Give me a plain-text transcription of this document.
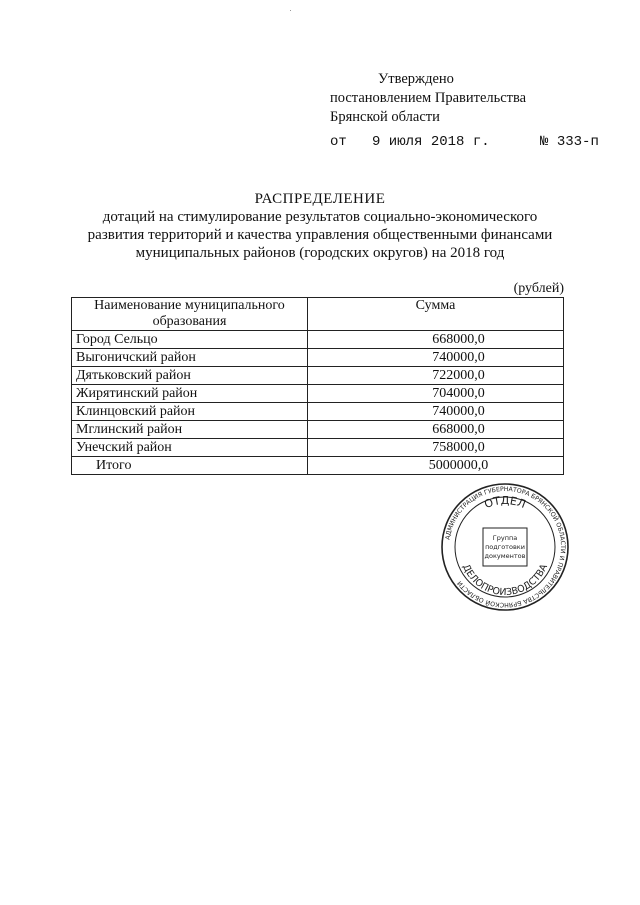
Утверждено
постановлением Правительства
Брянской области
от   9 июля 2018 г.      № 333-п
РАСПРЕДЕЛЕНИЕ
дотаций на стимулирование результатов социально-экономического
развития территорий и качества управления общественными финансами
муниципальных районов (городских округов) на 2018 год
(рублей)
Наименование муниципального образования	Сумма
Город Сельцо	668000,0
Выгоничский район	740000,0
Дятьковский район	722000,0
Жирятинский район	704000,0
Клинцовский район	740000,0
Мглинский район	668000,0
Унечский район	758000,0
Итого	5000000,0
АДМИНИСТРАЦИЯ ГУБЕРНАТОРА БРЯНСКОЙ ОБЛАСТИ И ПРАВИТЕЛЬСТВА БРЯНСКОЙ ОБЛАСТИ
ОТДЕЛ
ДЕЛОПРОИЗВОДСТВА
Группа
подготовки
документов
